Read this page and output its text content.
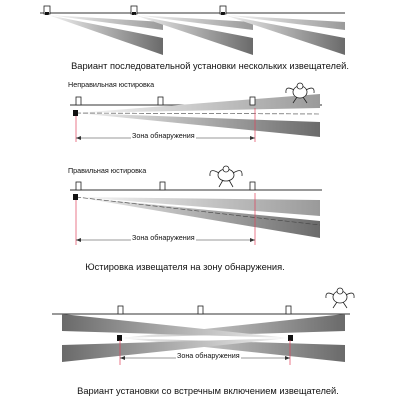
Вариант последовательной установки нескольких извещателей.
Неправильная юстировка
Зона обнаружения
Правильная юстировка
Зона обнаружения
Юстировка извещателя на зону обнаружения.
Зона обнаружения
Вариант установки со встречным включением извещателей.
